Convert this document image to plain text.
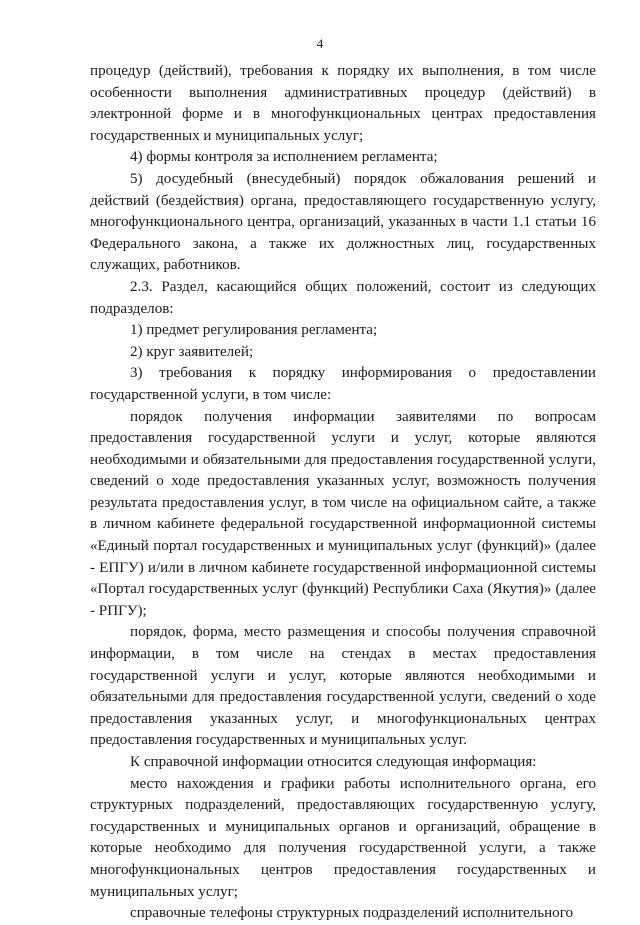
4

процедур (действий), требования к порядку их выполнения, в том числе особенности выполнения административных процедур (действий) в электронной форме и в многофункциональных центрах предоставления государственных и муниципальных услуг;

4) формы контроля за исполнением регламента;

5) досудебный (внесудебный) порядок обжалования решений и действий (бездействия) органа, предоставляющего государственную услугу, многофункционального центра, организаций, указанных в части 1.1 статьи 16 Федерального закона, а также их должностных лиц, государственных служащих, работников.

2.3. Раздел, касающийся общих положений, состоит из следующих подразделов:

1) предмет регулирования регламента;

2) круг заявителей;

3) требования к порядку информирования о предоставлении государственной услуги, в том числе:

порядок получения информации заявителями по вопросам предоставления государственной услуги и услуг, которые являются необходимыми и обязательными для предоставления государственной услуги, сведений о ходе предоставления указанных услуг, возможность получения результата предоставления услуг, в том числе на официальном сайте, а также в личном кабинете федеральной государственной информационной системы «Единый портал государственных и муниципальных услуг (функций)» (далее - ЕПГУ) и/или в личном кабинете государственной информационной системы «Портал государственных услуг (функций) Республики Саха (Якутия)» (далее - РПГУ);

порядок, форма, место размещения и способы получения справочной информации, в том числе на стендах в местах предоставления государственной услуги и услуг, которые являются необходимыми и обязательными для предоставления государственной услуги, сведений о ходе предоставления указанных услуг, и многофункциональных центрах предоставления государственных и муниципальных услуг.

К справочной информации относится следующая информация:

место нахождения и графики работы исполнительного органа, его структурных подразделений, предоставляющих государственную услугу, государственных и муниципальных органов и организаций, обращение в которые необходимо для получения государственной услуги, а также многофункциональных центров предоставления государственных и муниципальных услуг;

справочные телефоны структурных подразделений исполнительного
